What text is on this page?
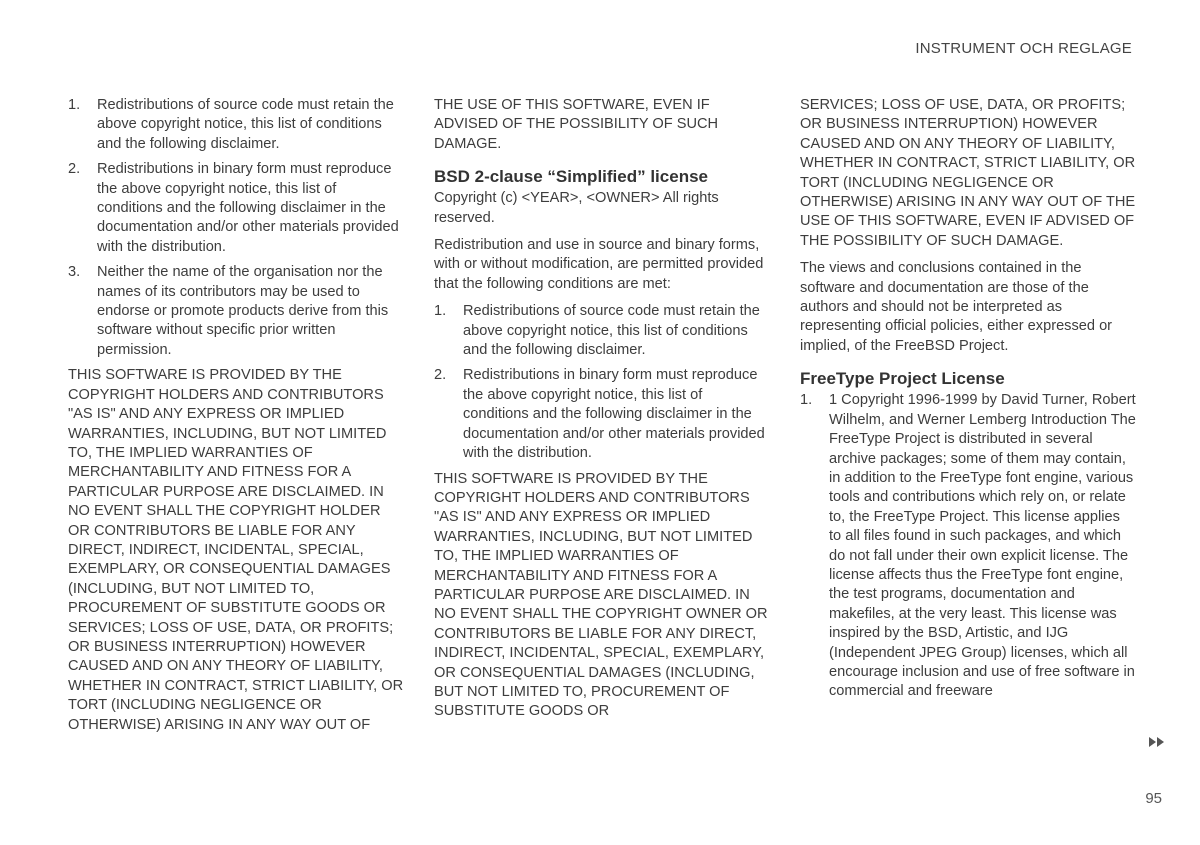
INSTRUMENT OCH REGLAGE
1. Redistributions of source code must retain the above copyright notice, this list of conditions and the following disclaimer.
2. Redistributions in binary form must reproduce the above copyright notice, this list of conditions and the following disclaimer in the documentation and/or other materials provided with the distribution.
3. Neither the name of the organisation nor the names of its contributors may be used to endorse or promote products derive from this software without specific prior written permission.

THIS SOFTWARE IS PROVIDED BY THE COPYRIGHT HOLDERS AND CONTRIBUTORS "AS IS" AND ANY EXPRESS OR IMPLIED WARRANTIES, INCLUDING, BUT NOT LIMITED TO, THE IMPLIED WARRANTIES OF MERCHANTABILITY AND FITNESS FOR A PARTICULAR PURPOSE ARE DISCLAIMED. IN NO EVENT SHALL THE COPYRIGHT HOLDER OR CONTRIBUTORS BE LIABLE FOR ANY DIRECT, INDIRECT, INCIDENTAL, SPECIAL, EXEMPLARY, OR CONSEQUENTIAL DAMAGES (INCLUDING, BUT NOT LIMITED TO, PROCUREMENT OF SUBSTITUTE GOODS OR SERVICES; LOSS OF USE, DATA, OR PROFITS; OR BUSINESS INTERRUPTION) HOWEVER CAUSED AND ON ANY THEORY OF LIABILITY, WHETHER IN CONTRACT, STRICT LIABILITY, OR TORT (INCLUDING NEGLIGENCE OR OTHERWISE) ARISING IN ANY WAY OUT OF

THE USE OF THIS SOFTWARE, EVEN IF ADVISED OF THE POSSIBILITY OF SUCH DAMAGE.

BSD 2-clause “Simplified” license

Copyright (c) <YEAR>, <OWNER> All rights reserved.

Redistribution and use in source and binary forms, with or without modification, are permitted provided that the following conditions are met:

1. Redistributions of source code must retain the above copyright notice, this list of conditions and the following disclaimer.
2. Redistributions in binary form must reproduce the above copyright notice, this list of conditions and the following disclaimer in the documentation and/or other materials provided with the distribution.

THIS SOFTWARE IS PROVIDED BY THE COPYRIGHT HOLDERS AND CONTRIBUTORS "AS IS" AND ANY EXPRESS OR IMPLIED WARRANTIES, INCLUDING, BUT NOT LIMITED TO, THE IMPLIED WARRANTIES OF MERCHANTABILITY AND FITNESS FOR A PARTICULAR PURPOSE ARE DISCLAIMED. IN NO EVENT SHALL THE COPYRIGHT OWNER OR CONTRIBUTORS BE LIABLE FOR ANY DIRECT, INDIRECT, INCIDENTAL, SPECIAL, EXEMPLARY, OR CONSEQUENTIAL DAMAGES (INCLUDING, BUT NOT LIMITED TO, PROCUREMENT OF SUBSTITUTE GOODS OR

SERVICES; LOSS OF USE, DATA, OR PROFITS; OR BUSINESS INTERRUPTION) HOWEVER CAUSED AND ON ANY THEORY OF LIABILITY, WHETHER IN CONTRACT, STRICT LIABILITY, OR TORT (INCLUDING NEGLIGENCE OR OTHERWISE) ARISING IN ANY WAY OUT OF THE USE OF THIS SOFTWARE, EVEN IF ADVISED OF THE POSSIBILITY OF SUCH DAMAGE.

The views and conclusions contained in the software and documentation are those of the authors and should not be interpreted as representing official policies, either expressed or implied, of the FreeBSD Project.

FreeType Project License
1. 1 Copyright 1996-1999 by David Turner, Robert Wilhelm, and Werner Lemberg Introduction The FreeType Project is distributed in several archive packages; some of them may contain, in addition to the FreeType font engine, various tools and contributions which rely on, or relate to, the FreeType Project. This license applies to all files found in such packages, and which do not fall under their own explicit license. The license affects thus the FreeType font engine, the test programs, documentation and makefiles, at the very least. This license was inspired by the BSD, Artistic, and IJG (Independent JPEG Group) licenses, which all encourage inclusion and use of free software in commercial and freeware
95
